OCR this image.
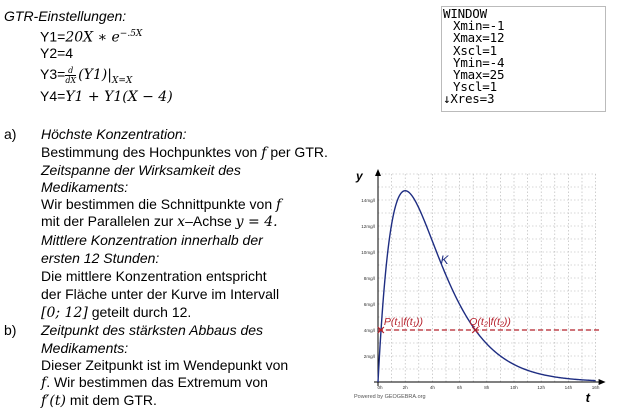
GTR-Einstellungen:
Y1=20X ∗ $e^{-.5X}$
Y2=4
$Y3= \frac{d}{dX} (Y1)|_{X=X}$
Y4=Y1 + Y1(X − 4)
WINDOW
Xmin=-1
Xmax=12
Xscl=1
Ymin=-4
Ymax=25
Yscl=1
↓Xres=3
a) Höchste Konzentration:
Bestimmung des Hochpunktes von f per GTR.
Zeitspanne der Wirksamkeit des
Medikaments:
Wir bestimmen die Schnittpunkte von f
mit der Parallelen zur x–Achse y = 4.
Mittlere Konzentration innerhalb der
ersten 12 Stunden:
Die mittlere Konzentration entspricht
der Fläche unter der Kurve im Intervall
[0; 12] geteilt durch 12.
b) Zeitpunkt des stärksten Abbaus des
Medikaments:
Dieser Zeitpunkt ist im Wendepunkt von
f. Wir bestimmen das Extremum von
f′(t) mit dem GTR.
2mg/l
4mg/l
6mg/l
8mg/l
10mg/l
12mg/l
14mg/l
0h	2h	4h	6h	8h	10h	12h	14h	16h
y
t
K
P(t₁|f(t₁))	Q(t₂|f(t₂))
Powered by GEOGEBRA.org
